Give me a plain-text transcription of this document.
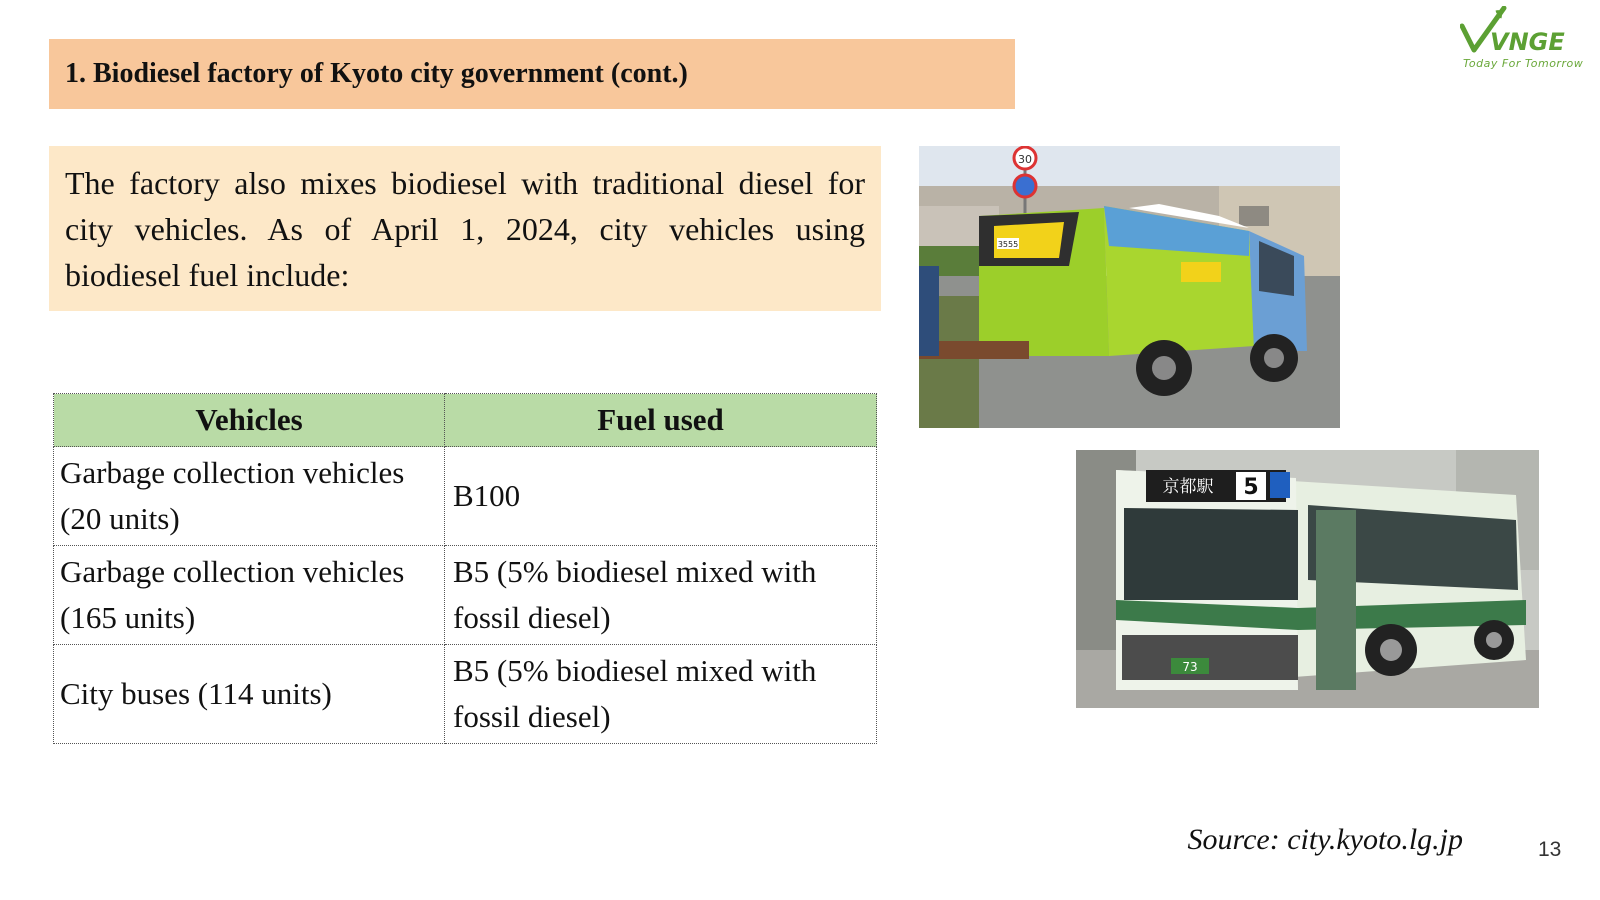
1. Biodiesel factory of Kyoto city government (cont.)
VNGE
Today For Tomorrow
The factory also mixes biodiesel with traditional diesel for city vehicles. As of April 1, 2024, city vehicles using biodiesel fuel include:
Vehicles	Fuel used
Garbage collection vehicles (20 units)	B100
Garbage collection vehicles (165 units)	B5 (5% biodiesel mixed with fossil diesel)
City buses (114 units)	B5 (5% biodiesel mixed with fossil diesel)
30
3555
京都駅 5
73
Source: city.kyoto.lg.jp	13
